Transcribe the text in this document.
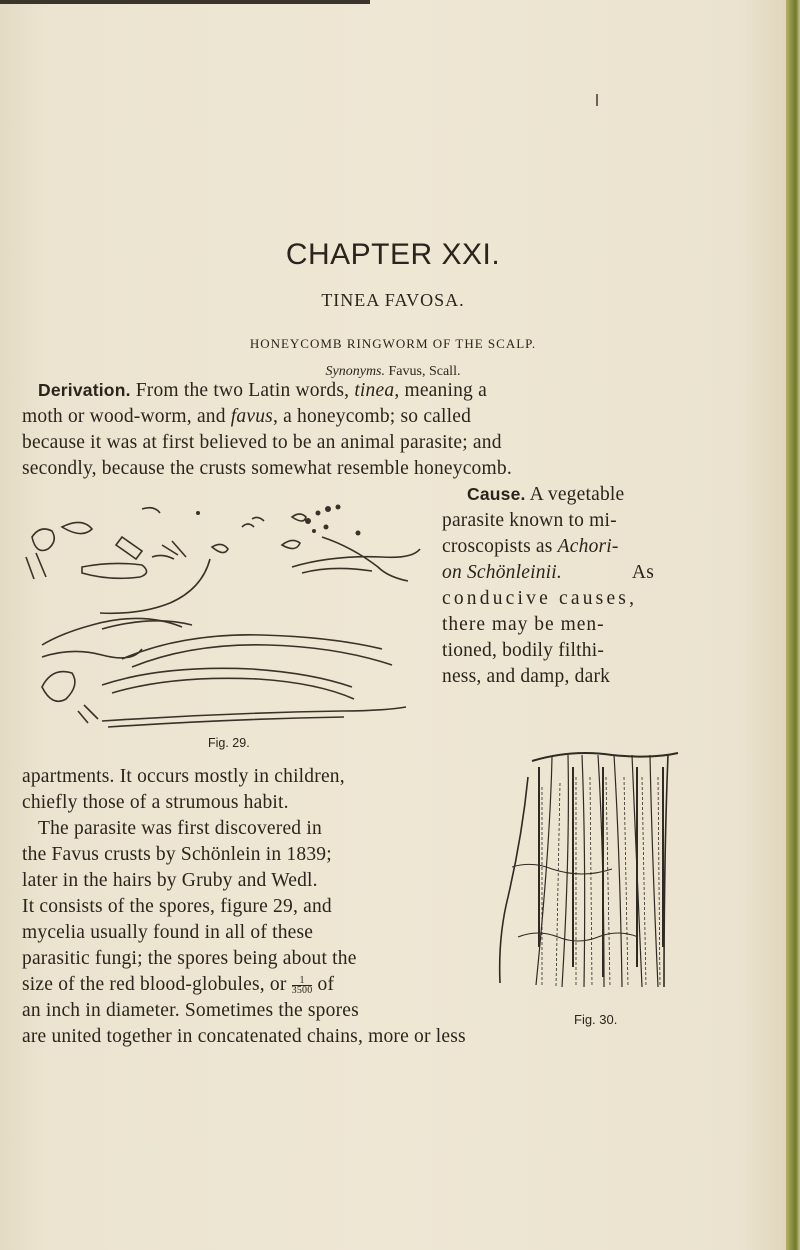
CHAPTER XXI.
TINEA FAVOSA.
HONEYCOMB RINGWORM OF THE SCALP.
Synonyms. Favus, Scall.
Derivation. From the two Latin words, tinea, meaning a
moth or wood-worm, and favus, a honeycomb; so called
because it was at first believed to be an animal parasite; and
secondly, because the crusts somewhat resemble honeycomb.
Fig. 29.
Cause. A vegetable
parasite known to mi-
croscopists as Achori-
on Schönleinii.	As
conducive causes,
there may be men-
tioned, bodily filthi-
ness, and damp, dark
apartments. It occurs mostly in children,
chiefly those of a strumous habit.
Fig. 30.
The parasite was first discovered in
the Favus crusts by Schönlein in 1839;
later in the hairs by Gruby and Wedl.
It consists of the spores, figure 29, and
mycelia usually found in all of these
parasitic fungi; the spores being about the
size of the red blood-globules, or $\frac{1}{3500}$ of
an inch in diameter. Sometimes the spores
are united together in concatenated chains, more or less
